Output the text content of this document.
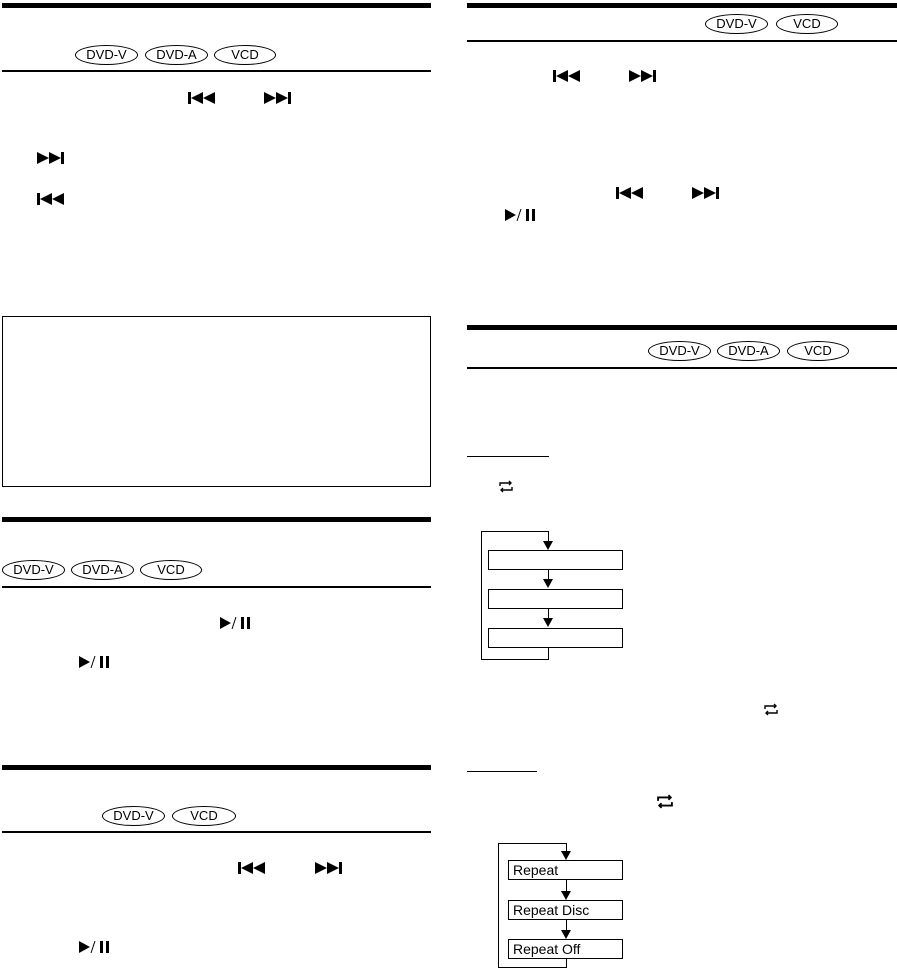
DVD-V	DVD-A	VCD
DVD-V	DVD-A	VCD
DVD-V	VCD
DVD-V	VCD
DVD-V	DVD-A	VCD
Repeat
Repeat Disc
Repeat Off
